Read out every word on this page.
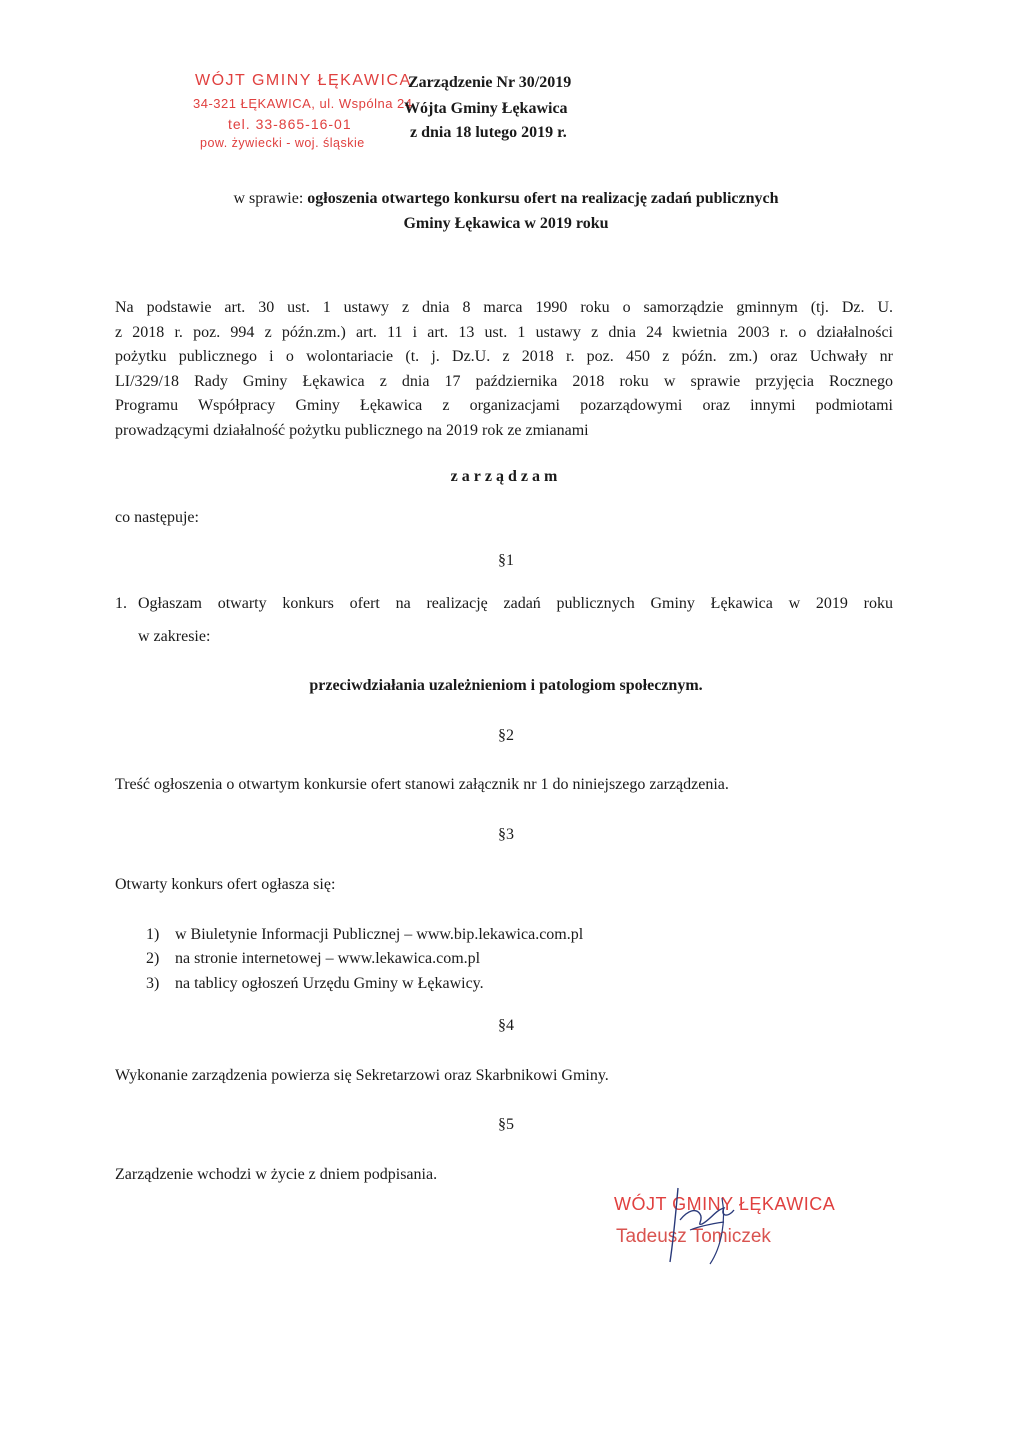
WÓJT GMINY ŁĘKAWICA
34-321 ŁĘKAWICA, ul. Wspólna 24
tel. 33-865-16-01
pow. żywiecki - woj. śląskie
Zarządzenie Nr 30/2019
Wójta Gminy Łękawica
z dnia 18 lutego 2019 r.
w sprawie: ogłoszenia otwartego konkursu ofert na realizację zadań publicznych
Gminy Łękawica w 2019 roku
Na podstawie art. 30 ust. 1 ustawy z dnia 8 marca 1990 roku o samorządzie gminnym (tj. Dz. U.
z 2018 r. poz. 994 z późn.zm.) art. 11 i art. 13 ust. 1 ustawy z dnia 24 kwietnia 2003 r. o działalności
pożytku publicznego i o wolontariacie (t. j. Dz.U. z 2018 r. poz. 450 z późn. zm.) oraz Uchwały nr
LI/329/18 Rady Gminy Łękawica z dnia 17 października 2018 roku w sprawie przyjęcia Rocznego
Programu Współpracy Gminy Łękawica z organizacjami pozarządowymi oraz innymi podmiotami
prowadzącymi działalność pożytku publicznego na 2019 rok ze zmianami
zarządzam
co następuje:
§1
1. Ogłaszam otwarty konkurs ofert na realizację zadań publicznych Gminy Łękawica w 2019 roku
w zakresie:
przeciwdziałania uzależnieniom i patologiom społecznym.
§2
Treść ogłoszenia o otwartym konkursie ofert stanowi załącznik nr 1 do niniejszego zarządzenia.
§3
Otwarty konkurs ofert ogłasza się:
1) w Biuletynie Informacji Publicznej – www.bip.lekawica.com.pl
2) na stronie internetowej – www.lekawica.com.pl
3) na tablicy ogłoszeń Urzędu Gminy w Łękawicy.
§4
Wykonanie zarządzenia powierza się Sekretarzowi oraz Skarbnikowi Gminy.
§5
Zarządzenie wchodzi w życie z dniem podpisania.
WÓJT GMINY ŁĘKAWICA
Tadeusz Tomiczek
